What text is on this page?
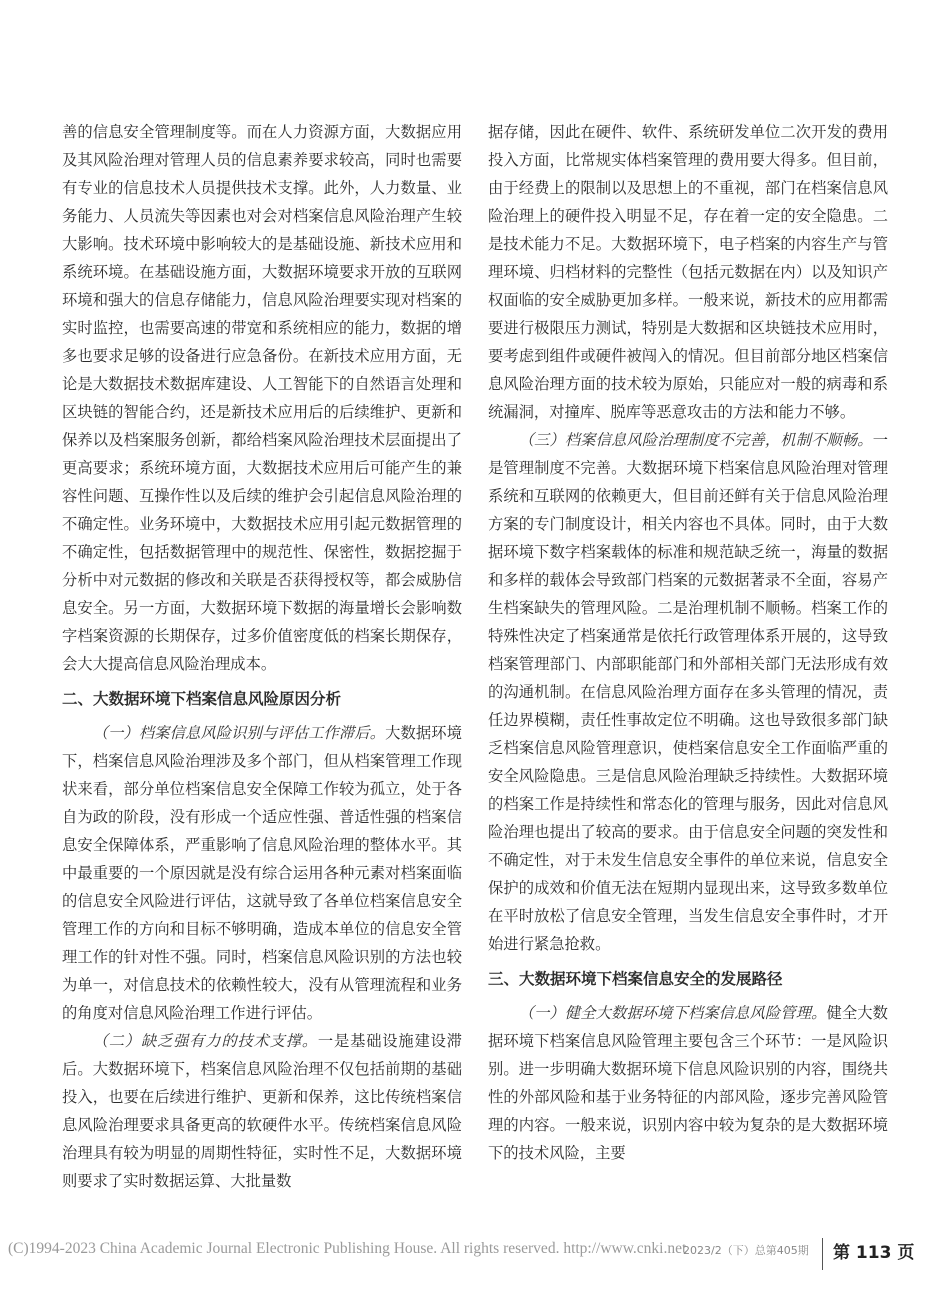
善的信息安全管理制度等。而在人力资源方面，大数据应用及其风险治理对管理人员的信息素养要求较高，同时也需要有专业的信息技术人员提供技术支撑。此外，人力数量、业务能力、人员流失等因素也对会对档案信息风险治理产生较大影响。技术环境中影响较大的是基础设施、新技术应用和系统环境。在基础设施方面，大数据环境要求开放的互联网环境和强大的信息存储能力，信息风险治理要实现对档案的实时监控，也需要高速的带宽和系统相应的能力，数据的增多也要求足够的设备进行应急备份。在新技术应用方面，无论是大数据技术数据库建设、人工智能下的自然语言处理和区块链的智能合约，还是新技术应用后的后续维护、更新和保养以及档案服务创新，都给档案风险治理技术层面提出了更高要求；系统环境方面，大数据技术应用后可能产生的兼容性问题、互操作性以及后续的维护会引起信息风险治理的不确定性。业务环境中，大数据技术应用引起元数据管理的不确定性，包括数据管理中的规范性、保密性，数据挖掘于分析中对元数据的修改和关联是否获得授权等，都会威胁信息安全。另一方面，大数据环境下数据的海量增长会影响数字档案资源的长期保存，过多价值密度低的档案长期保存，会大大提高信息风险治理成本。

二、大数据环境下档案信息风险原因分析

（一）档案信息风险识别与评估工作滞后。大数据环境下，档案信息风险治理涉及多个部门，但从档案管理工作现状来看，部分单位档案信息安全保障工作较为孤立，处于各自为政的阶段，没有形成一个适应性强、普适性强的档案信息安全保障体系，严重影响了信息风险治理的整体水平。其中最重要的一个原因就是没有综合运用各种元素对档案面临的信息安全风险进行评估，这就导致了各单位档案信息安全管理工作的方向和目标不够明确，造成本单位的信息安全管理工作的针对性不强。同时，档案信息风险识别的方法也较为单一，对信息技术的依赖性较大，没有从管理流程和业务的角度对信息风险治理工作进行评估。

（二）缺乏强有力的技术支撑。一是基础设施建设滞后。大数据环境下，档案信息风险治理不仅包括前期的基础投入，也要在后续进行维护、更新和保养，这比传统档案信息风险治理要求具备更高的软硬件水平。传统档案信息风险治理具有较为明显的周期性特征，实时性不足，大数据环境则要求了实时数据运算、大批量数

据存储，因此在硬件、软件、系统研发单位二次开发的费用投入方面，比常规实体档案管理的费用要大得多。但目前，由于经费上的限制以及思想上的不重视，部门在档案信息风险治理上的硬件投入明显不足，存在着一定的安全隐患。二是技术能力不足。大数据环境下，电子档案的内容生产与管理环境、归档材料的完整性（包括元数据在内）以及知识产权面临的安全威胁更加多样。一般来说，新技术的应用都需要进行极限压力测试，特别是大数据和区块链技术应用时，要考虑到组件或硬件被闯入的情况。但目前部分地区档案信息风险治理方面的技术较为原始，只能应对一般的病毒和系统漏洞，对撞库、脱库等恶意攻击的方法和能力不够。

（三）档案信息风险治理制度不完善，机制不顺畅。一是管理制度不完善。大数据环境下档案信息风险治理对管理系统和互联网的依赖更大，但目前还鲜有关于信息风险治理方案的专门制度设计，相关内容也不具体。同时，由于大数据环境下数字档案载体的标准和规范缺乏统一，海量的数据和多样的载体会导致部门档案的元数据著录不全面，容易产生档案缺失的管理风险。二是治理机制不顺畅。档案工作的特殊性决定了档案通常是依托行政管理体系开展的，这导致档案管理部门、内部职能部门和外部相关部门无法形成有效的沟通机制。在信息风险治理方面存在多头管理的情况，责任边界模糊，责任性事故定位不明确。这也导致很多部门缺乏档案信息风险管理意识，使档案信息安全工作面临严重的安全风险隐患。三是信息风险治理缺乏持续性。大数据环境的档案工作是持续性和常态化的管理与服务，因此对信息风险治理也提出了较高的要求。由于信息安全问题的突发性和不确定性，对于未发生信息安全事件的单位来说，信息安全保护的成效和价值无法在短期内显现出来，这导致多数单位在平时放松了信息安全管理，当发生信息安全事件时，才开始进行紧急抢救。

三、大数据环境下档案信息安全的发展路径

（一）健全大数据环境下档案信息风险管理。健全大数据环境下档案信息风险管理主要包含三个环节：一是风险识别。进一步明确大数据环境下信息风险识别的内容，围绕共性的外部风险和基于业务特征的内部风险，逐步完善风险管理的内容。一般来说，识别内容中较为复杂的是大数据环境下的技术风险，主要

(C)1994-2023 China Academic Journal Electronic Publishing House. All rights reserved. http://www.cnki.net
2023/2（下）总第405期 第 113 页
